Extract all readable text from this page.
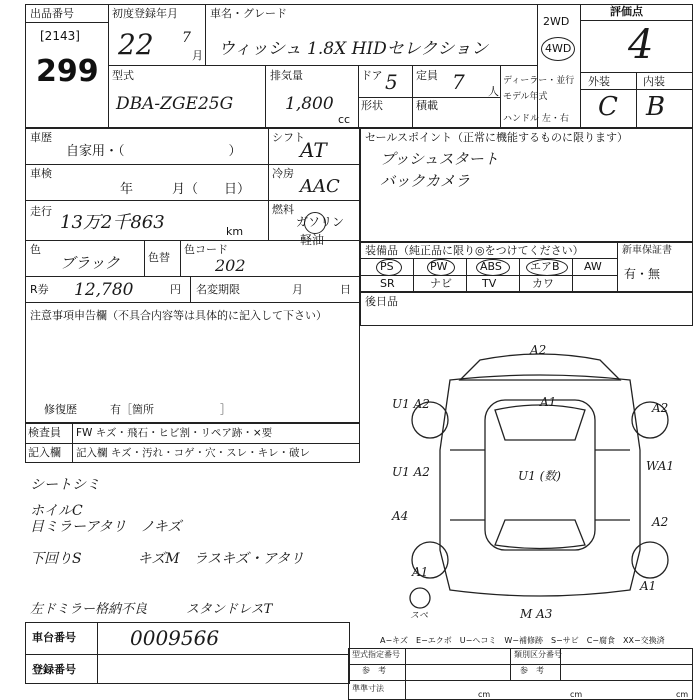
出品番号
[2143]
299
初度登録年月
22 7
月
車名・グレード
ウィッシュ 1.8X HIDセレクション
2WD
4WD
評価点
4
外装	内装
C B
型式
DBA-ZGE25G
排気量
1,800
cc
ドア 5 定員 7 人
形状	積載
ディーラー・並行
モデル年式
ハンドル 左・右
車歴
自家用・（　　　　　　　　）
車検
年　　　月（　　日）
走行
13万2千863	km
シフト
AT
冷房
AAC
燃料
ガソリン
軽油
色
ブラック	色替
色コード
202
R券 12,780	円 名変期限	月	日
注意事項申告欄（不具合内容等は具体的に記入して下さい）
修復歴	有［箇所　　　　　　］
検査員
記入欄
FW キズ・飛石・ヒビ割・リペア跡・×要
記入欄 キズ・汚れ・コゲ・穴・スレ・キレ・破レ
シートシミ
ホイルC
目ミラーアタリ　ノキズ
下回りS　　　　キズM　ラスキズ・アタリ
左ドミラー格納不良　　　スタンドレスT
車台番号	0009566
登録番号
セールスポイント（正常に機能するものに限ります）
プッシュスタート
バックカメラ
装備品（純正品に限り◎をつけてください）	新車保証書
有・無
PS	PW	ABS	エアB AW
SR	ナビ	TV	カワ
後日品
A2
A1
U1 A2	A2
U1 A2	U1 (数)
WA1
A4	A2
A1
A1
M A3
スペ
A−キズ　E−エクボ　U−ヘコミ　W−補修跡　S−サビ　C−腐食　XX−交換済
型式指定番号
参　考
類別区分番号
参　考
準準寸法
cm	cm	cm
